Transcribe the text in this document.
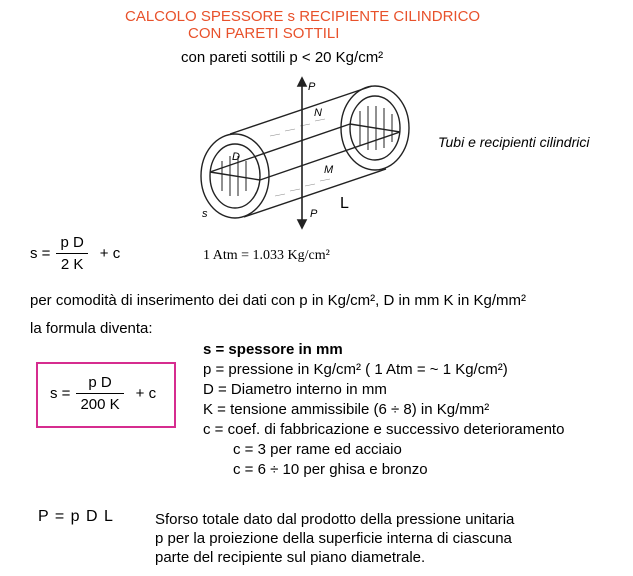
CALCOLO SPESSORE s RECIPIENTE CILINDRICO
CON PARETI SOTTILI
con pareti sottili p < 20 Kg/cm²
P
N
M
D
s	P
L
Tubi e recipienti cilindrici
$s = \frac{\text{p D}}{2 K} + c$	1 Atm = 1.033 Kg/cm²
per comodità di inserimento dei dati con p in Kg/cm², D in mm K in Kg/mm²
la formula diventa:
$s = \frac{\text{p D}}{200 K} + c$
s = spessore in mm
p = pressione in Kg/cm² ( 1 Atm = ~ 1 Kg/cm²)
D = Diametro interno in mm
K = tensione ammissibile (6 ÷ 8) in Kg/mm²
c = coef. di fabbricazione e successivo deterioramento
c = 3 per rame ed acciaio
c = 6 ÷ 10 per ghisa e bronzo
P = p D L	Sforso totale dato dal prodotto della pressione unitaria
p per la proiezione della superficie interna di ciascuna
parte del recipiente sul piano diametrale.
